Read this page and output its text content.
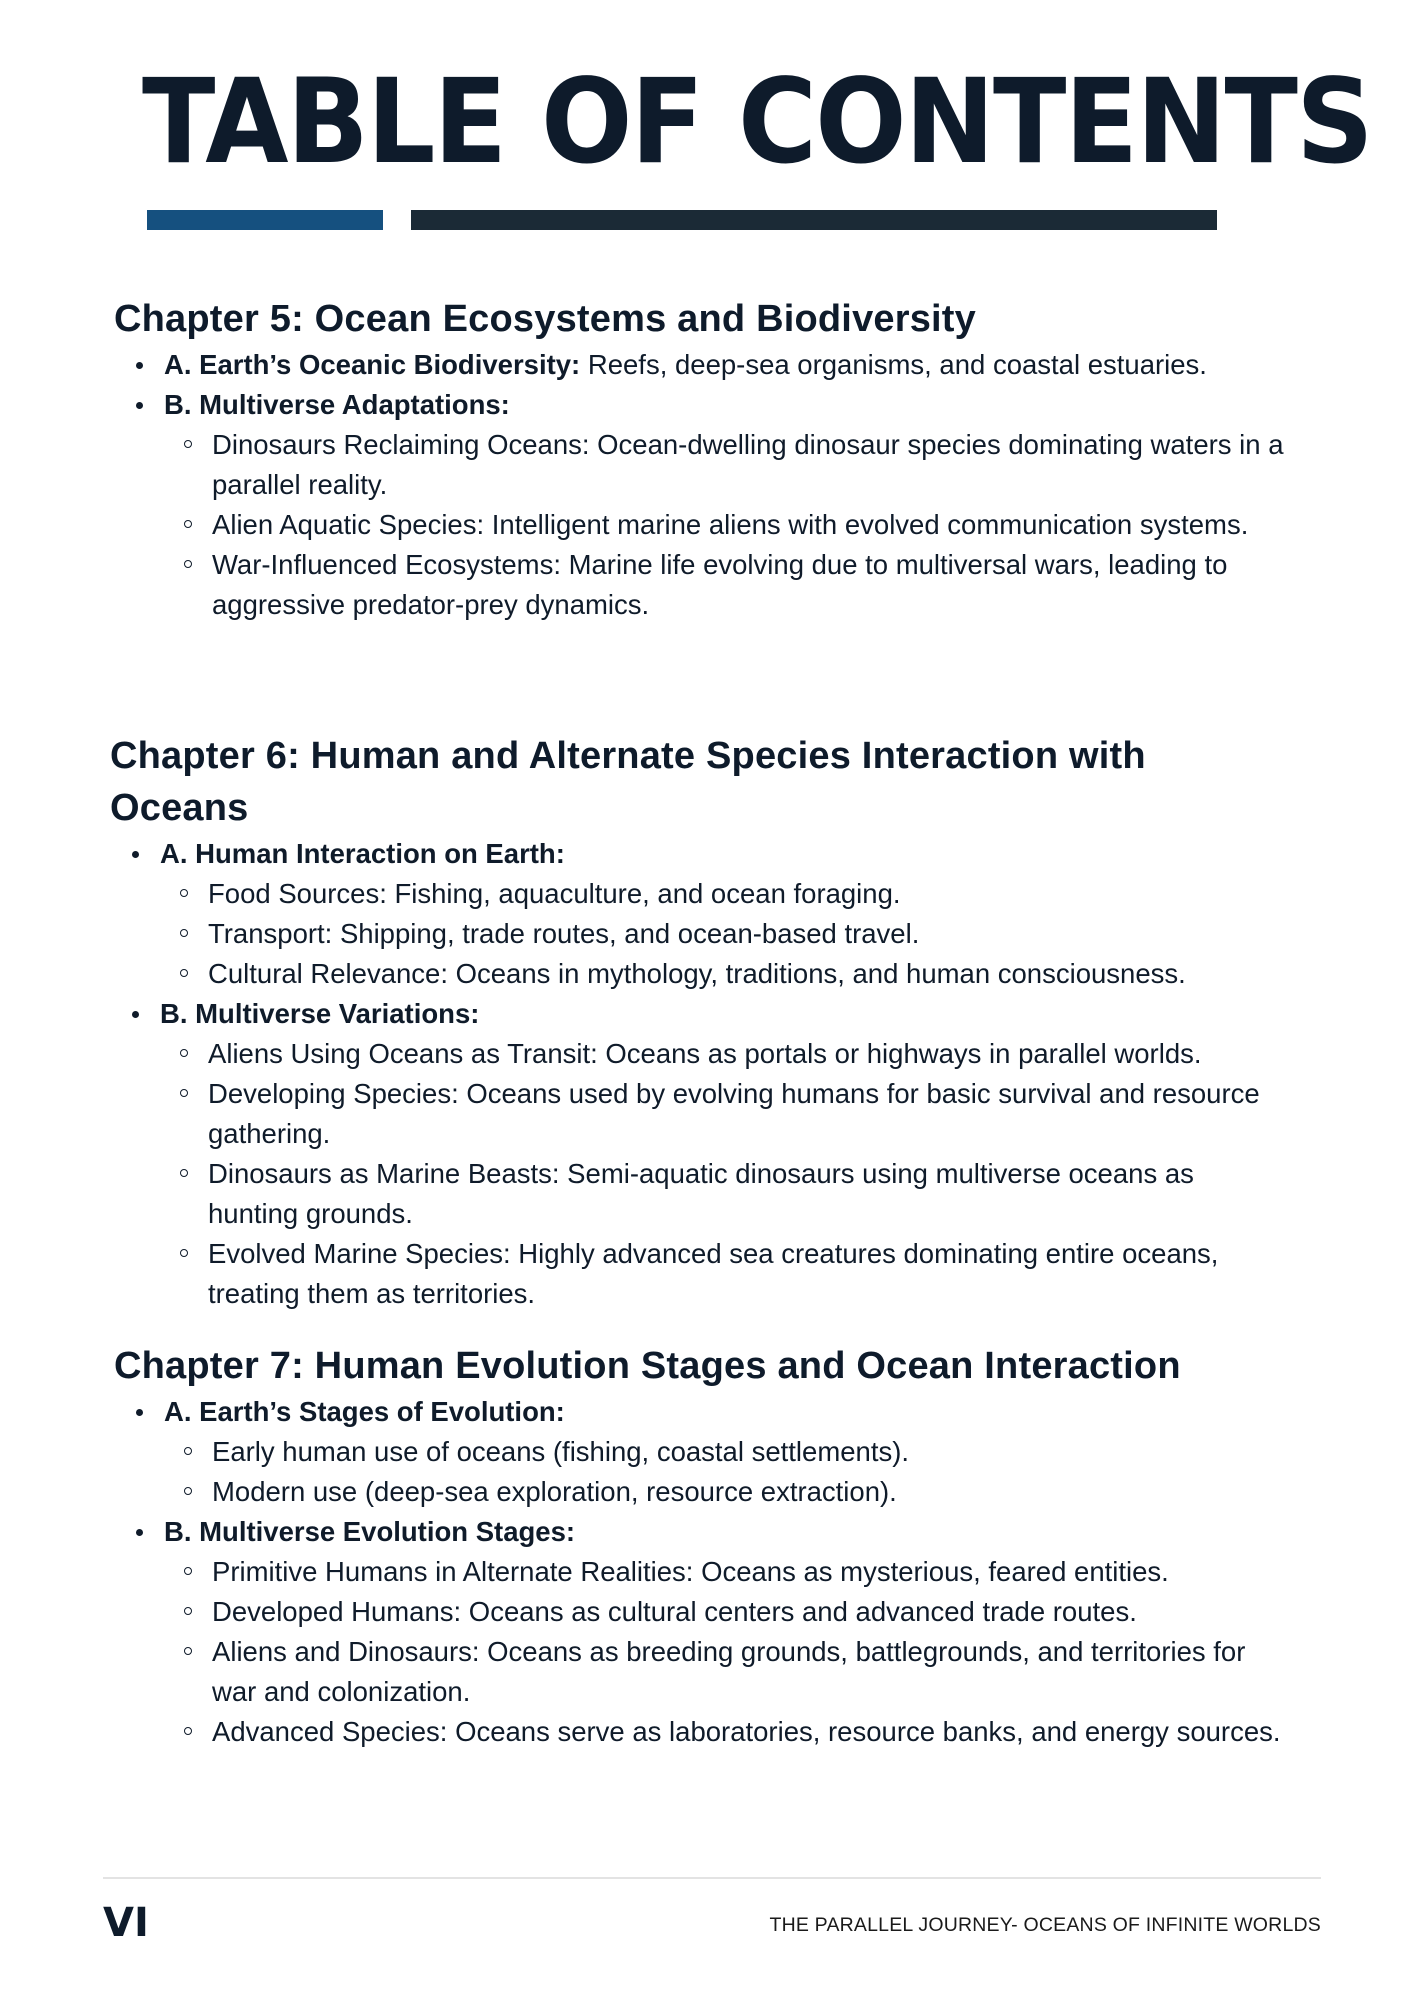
TABLE OF CONTENTS
Chapter 5: Ocean Ecosystems and Biodiversity
A. Earth’s Oceanic Biodiversity: Reefs, deep-sea organisms, and coastal estuaries.
B. Multiverse Adaptations:
Dinosaurs Reclaiming Oceans: Ocean-dwelling dinosaur species dominating waters in a parallel reality.
Alien Aquatic Species: Intelligent marine aliens with evolved communication systems.
War-Influenced Ecosystems: Marine life evolving due to multiversal wars, leading to aggressive predator-prey dynamics.
Chapter 6: Human and Alternate Species Interaction with Oceans
A. Human Interaction on Earth:
Food Sources: Fishing, aquaculture, and ocean foraging.
Transport: Shipping, trade routes, and ocean-based travel.
Cultural Relevance: Oceans in mythology, traditions, and human consciousness.
B. Multiverse Variations:
Aliens Using Oceans as Transit: Oceans as portals or highways in parallel worlds.
Developing Species: Oceans used by evolving humans for basic survival and resource gathering.
Dinosaurs as Marine Beasts: Semi-aquatic dinosaurs using multiverse oceans as hunting grounds.
Evolved Marine Species: Highly advanced sea creatures dominating entire oceans, treating them as territories.
Chapter 7: Human Evolution Stages and Ocean Interaction
A. Earth’s Stages of Evolution:
Early human use of oceans (fishing, coastal settlements).
Modern use (deep-sea exploration, resource extraction).
B. Multiverse Evolution Stages:
Primitive Humans in Alternate Realities: Oceans as mysterious, feared entities.
Developed Humans: Oceans as cultural centers and advanced trade routes.
Aliens and Dinosaurs: Oceans as breeding grounds, battlegrounds, and territories for war and colonization.
Advanced Species: Oceans serve as laboratories, resource banks, and energy sources.
VI	THE PARALLEL JOURNEY- OCEANS OF INFINITE WORLDS
